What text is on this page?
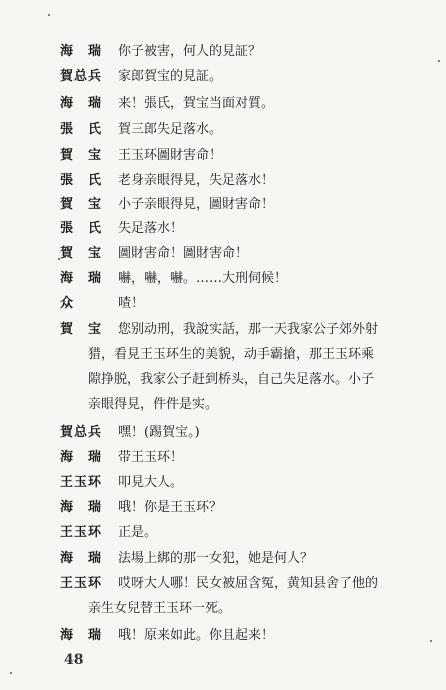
海　瑞	你子被害，何人的見証？
賀总兵	家郎賀宝的見証。
海　瑞	来！張氏，賀宝当面对質。
張　氏	賀三郎失足落水。
賀　宝	王玉环圖財害命！
張　氏	老身亲眼得見，失足落水！
賀　宝	小子亲眼得見，圖財害命！
張　氏	失足落水！
賀　宝	圖財害命！圖財害命！
海　瑞	嚇，嚇，嚇。……大刑伺候！
众	喳！
賀　宝	您别动刑，我說实話，那一天我家公子郊外射
猎，看見王玉环生的美貌，动手霸搶，那王玉环乘
隙挣脱，我家公子赶到桥头，自己失足落水。小子
亲眼得見，件件是实。
賀总兵	嘿！(踢賀宝。)
海　瑞	带王玉环！
王玉环	叩見大人。
海　瑞	哦！你是王玉环？
王玉环	正是。
海　瑞	法場上綁的那一女犯，她是何人？
王玉环	哎呀大人哪！民女被屈含冤，黄知县舍了他的
亲生女兒替王玉环一死。
海　瑞	哦！原来如此。你且起来！
48
